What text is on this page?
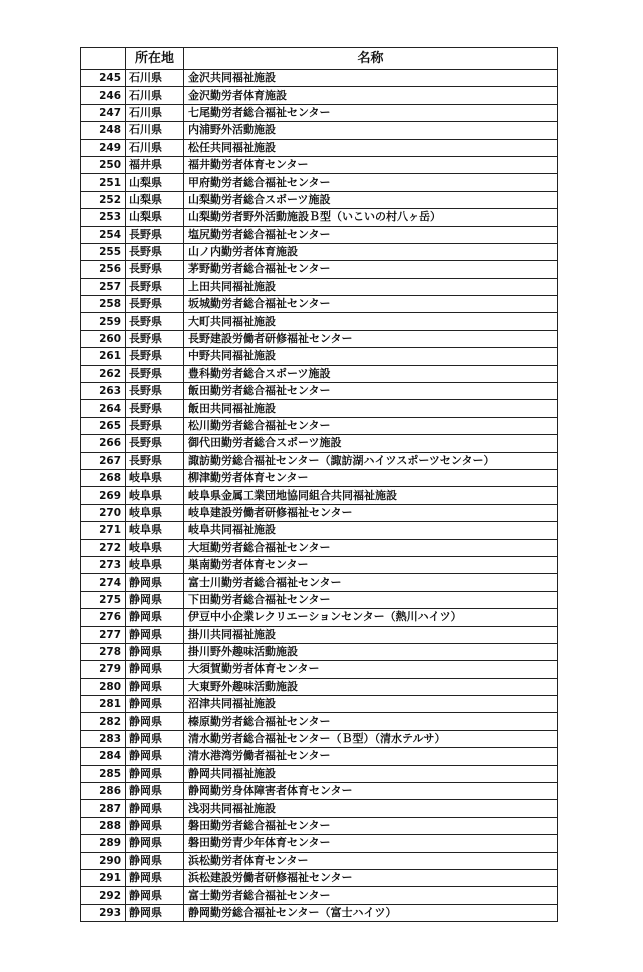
	所在地	名称
245	石川県	金沢共同福祉施設
246	石川県	金沢勤労者体育施設
247	石川県	七尾勤労者総合福祉センター
248	石川県	内浦野外活動施設
249	石川県	松任共同福祉施設
250	福井県	福井勤労者体育センター
251	山梨県	甲府勤労者総合福祉センター
252	山梨県	山梨勤労者総合スポーツ施設
253	山梨県	山梨勤労者野外活動施設Ｂ型（いこいの村八ヶ岳）
254	長野県	塩尻勤労者総合福祉センター
255	長野県	山ノ内勤労者体育施設
256	長野県	茅野勤労者総合福祉センター
257	長野県	上田共同福祉施設
258	長野県	坂城勤労者総合福祉センター
259	長野県	大町共同福祉施設
260	長野県	長野建設労働者研修福祉センター
261	長野県	中野共同福祉施設
262	長野県	豊科勤労者総合スポーツ施設
263	長野県	飯田勤労者総合福祉センター
264	長野県	飯田共同福祉施設
265	長野県	松川勤労者総合福祉センター
266	長野県	御代田勤労者総合スポーツ施設
267	長野県	諏訪勤労総合福祉センター（諏訪湖ハイツスポーツセンター）
268	岐阜県	柳津勤労者体育センター
269	岐阜県	岐阜県金属工業団地協同組合共同福祉施設
270	岐阜県	岐阜建設労働者研修福祉センター
271	岐阜県	岐阜共同福祉施設
272	岐阜県	大垣勤労者総合福祉センター
273	岐阜県	巣南勤労者体育センター
274	静岡県	富士川勤労者総合福祉センター
275	静岡県	下田勤労者総合福祉センター
276	静岡県	伊豆中小企業レクリエーションセンター（熱川ハイツ）
277	静岡県	掛川共同福祉施設
278	静岡県	掛川野外趣味活動施設
279	静岡県	大須賀勤労者体育センター
280	静岡県	大東野外趣味活動施設
281	静岡県	沼津共同福祉施設
282	静岡県	榛原勤労者総合福祉センター
283	静岡県	清水勤労者総合福祉センター（Ｂ型）（清水テルサ）
284	静岡県	清水港湾労働者福祉センター
285	静岡県	静岡共同福祉施設
286	静岡県	静岡勤労身体障害者体育センター
287	静岡県	浅羽共同福祉施設
288	静岡県	磐田勤労者総合福祉センター
289	静岡県	磐田勤労青少年体育センター
290	静岡県	浜松勤労者体育センター
291	静岡県	浜松建設労働者研修福祉センター
292	静岡県	富士勤労者総合福祉センター
293	静岡県	静岡勤労総合福祉センター（富士ハイツ）
